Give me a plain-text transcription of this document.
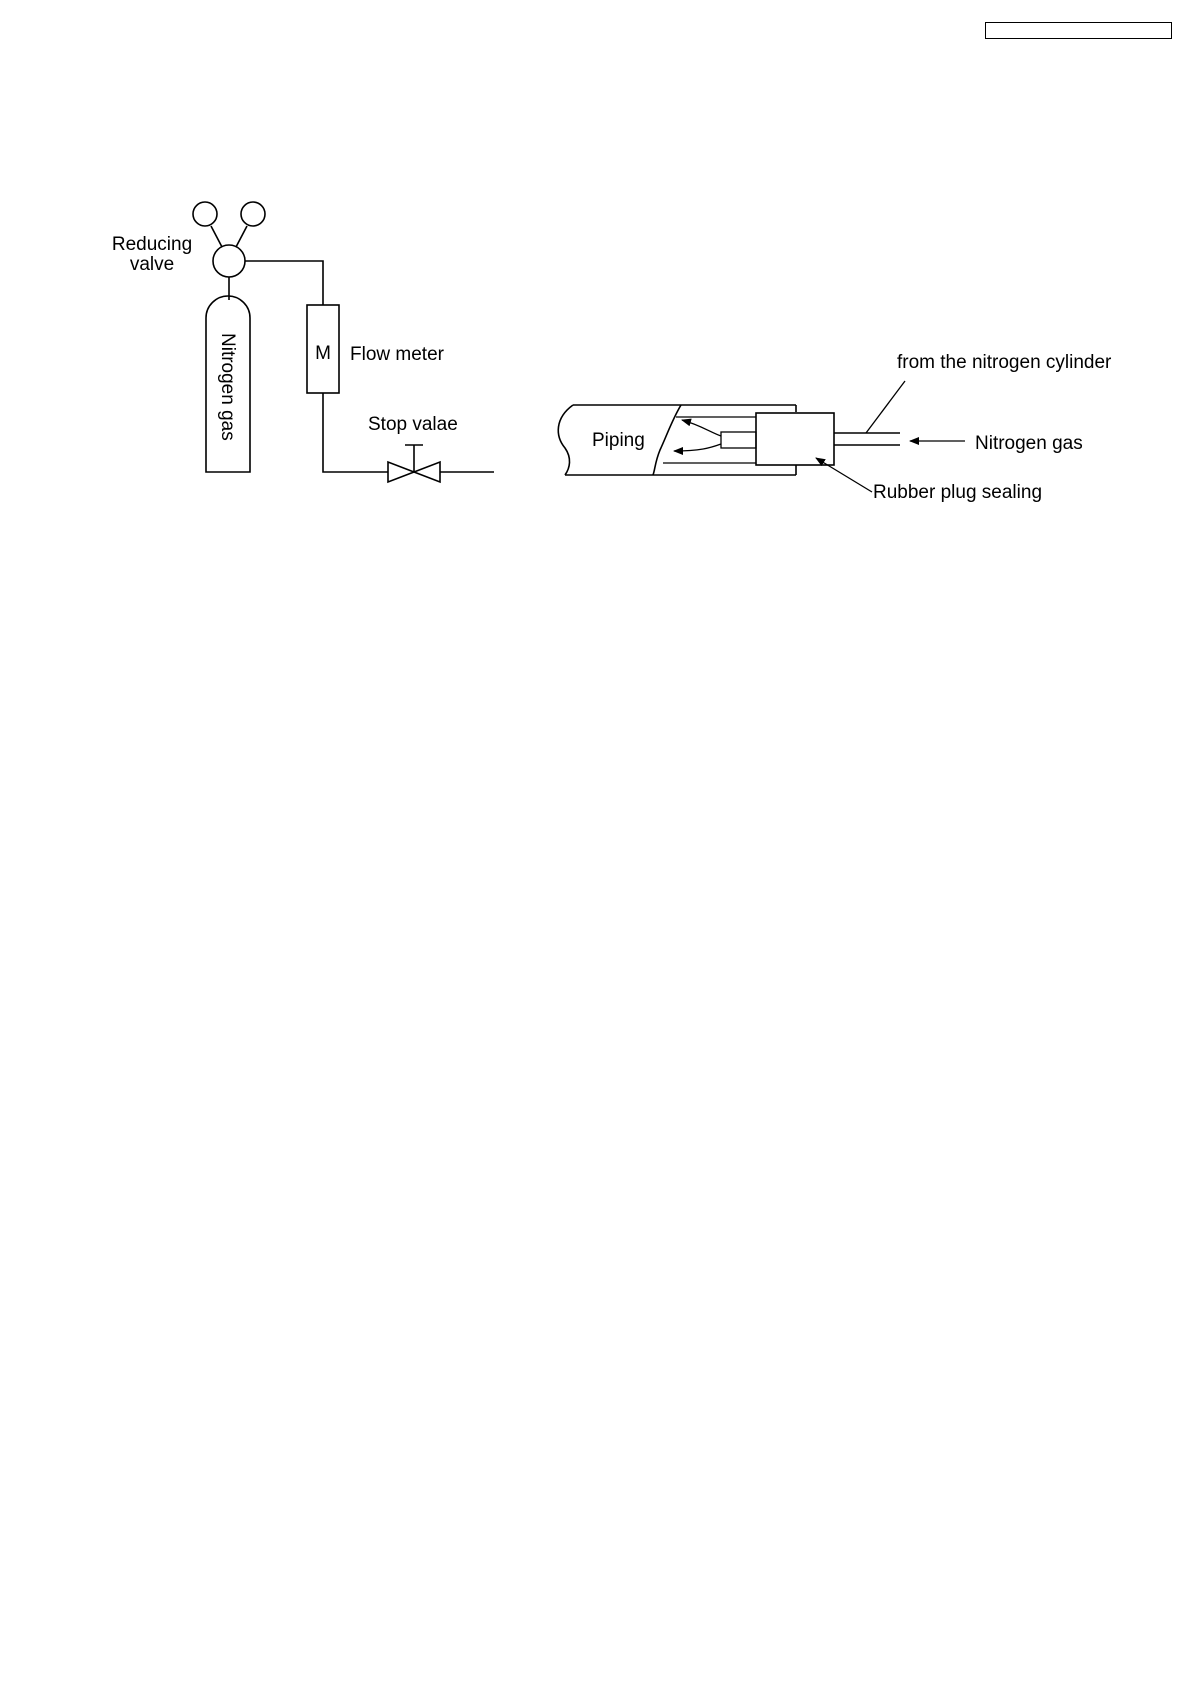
Reducing
valve
Nitrogen gas	M Flow meter
Stop valae
Piping
from the nitrogen cylinder
Nitrogen gas
Rubber plug sealing
